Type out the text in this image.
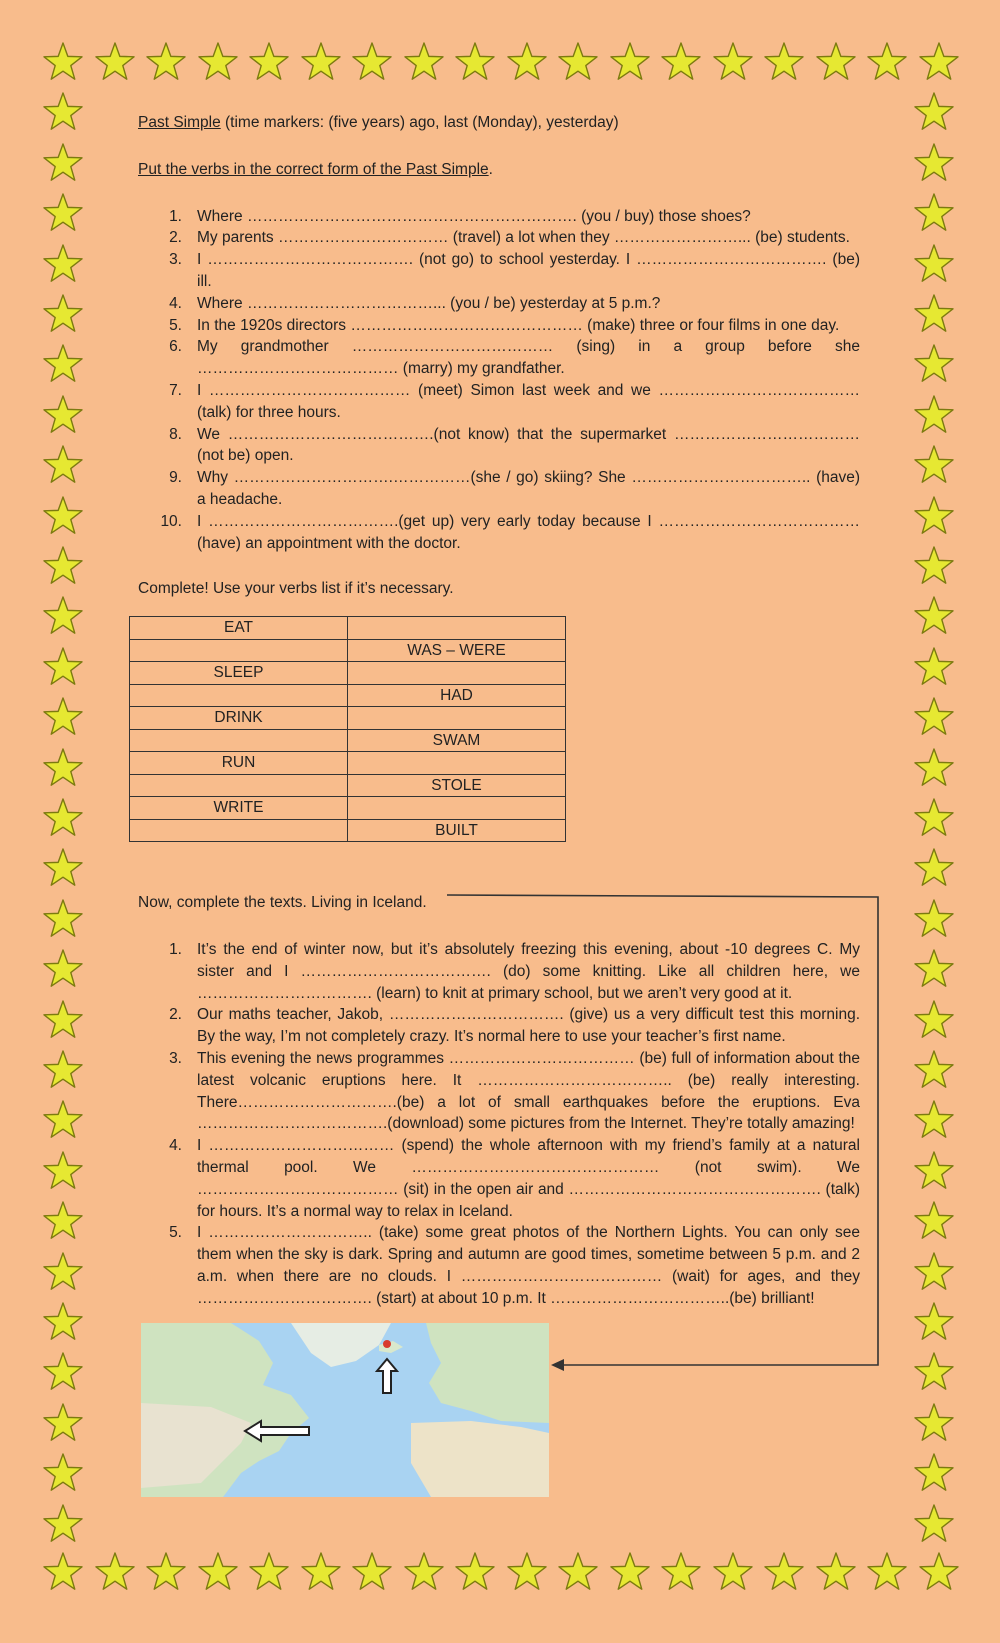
Past Simple (time markers: (five years) ago, last (Monday), yesterday)

Put the verbs in the correct form of the Past Simple.

1. Where ………………………………………………………. (you / buy) those shoes?
2. My parents …………………………… (travel) a lot when they ……………………... (be) students.
3. I …………………………………. (not go) to school yesterday. I ………………………………. (be) ill.
4. Where ………………………………... (you / be) yesterday at 5 p.m.?
5. In the 1920s directors ……………………………………… (make) three or four films in one day.
6. My grandmother ………………………………… (sing) in a group before she ………………………………… (marry) my grandfather.
7. I ………………………………… (meet) Simon last week and we ………………………………… (talk) for three hours.
8. We ………………………………….(not know) that the supermarket ……………………………… (not be) open.
9. Why ………………………….……………(she / go) skiing? She …………………………….. (have) a headache.
10. I ……………………………….(get up) very early today because I ………………………………… (have) an appointment with the doctor.

Complete! Use your verbs list if it’s necessary.

EAT	
	WAS – WERE
SLEEP	
	HAD
DRINK	
	SWAM
RUN	
	STOLE
WRITE	
	BUILT

Now, complete the texts. Living in Iceland.

1. It’s the end of winter now, but it’s absolutely freezing this evening, about -10 degrees C. My sister and I ………………………………. (do) some knitting. Like all children here, we ……………………………. (learn) to knit at primary school, but we aren’t very good at it.
2. Our maths teacher, Jakob, ……………………………. (give) us a very difficult test this morning. By the way, I’m not completely crazy. It’s normal here to use your teacher’s first name.
3. This evening the news programmes ……………………………… (be) full of information about the latest volcanic eruptions here. It ……………………………….. (be) really interesting. There………………………….(be) a lot of small earthquakes before the eruptions. Eva ……………………………….(download) some pictures from the Internet. They’re totally amazing!
4. I ……………………………… (spend) the whole afternoon with my friend’s family at a natural thermal pool. We ………………………………………… (not swim). We ………………………………… (sit) in the open air and …………………………………………. (talk) for hours. It’s a normal way to relax in Iceland.
5. I ………………………….. (take) some great photos of the Northern Lights. You can only see them when the sky is dark. Spring and autumn are good times, sometime between 5 p.m. and 2 a.m. when there are no clouds. I ………………………………… (wait) for ages, and they ……………………………. (start) at about 10 p.m. It ……………………………..(be) brilliant!
